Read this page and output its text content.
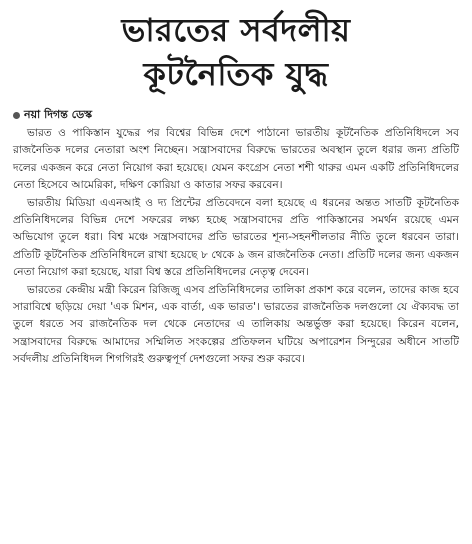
ভারতের সর্বদলীয়
কূটনৈতিক যুদ্ধ
নয়া দিগন্ত ডেস্ক

ভারত ও পাকিস্তান যুদ্ধের পর বিশ্বের বিভিন্ন দেশে পাঠানো ভারতীয় কূটনৈতিক প্রতিনিধিদলে সব রাজনৈতিক দলের নেতারা অংশ নিচ্ছেন। সন্ত্রাসবাদের বিরুদ্ধে ভারতের অবস্থান তুলে ধরার জন্য প্রতিটি দলের একজন করে নেতা নিয়োগ করা হয়েছে। যেমন কংগ্রেস নেতা শশী থারুর এমন একটি প্রতিনিধিদলের নেতা হিসেবে আমেরিকা, দক্ষিণ কোরিয়া ও কাতার সফর করবেন।

ভারতীয় মিডিয়া এএনআই ও দ্য প্রিন্টের প্রতিবেদনে বলা হয়েছে এ ধরনের অন্তত সাতটি কূটনৈতিক প্রতিনিধিদলের বিভিন্ন দেশে সফরের লক্ষ্য হচ্ছে সন্ত্রাসবাদের প্রতি পাকিস্তানের সমর্থন রয়েছে এমন অভিযোগ তুলে ধরা। বিশ্ব মঞ্চে সন্ত্রাসবাদের প্রতি ভারতের শূন্য-সহনশীলতার নীতি তুলে ধরবেন তারা। প্রতিটি কূটনৈতিক প্রতিনিধিদলে রাখা হয়েছে ৮ থেকে ৯ জন রাজনৈতিক নেতা। প্রতিটি দলের জন্য একজন নেতা নিয়োগ করা হয়েছে, যারা বিশ্ব স্তরে প্রতিনিধিদলের নেতৃত্ব দেবেন।

ভারতের কেন্দ্রীয় মন্ত্রী কিরেন রিজিজু এসব প্রতিনিধিদলের তালিকা প্রকাশ করে বলেন, তাদের কাজ হবে সারাবিশ্বে ছড়িয়ে দেয়া 'এক মিশন, এক বার্তা, এক ভারত'। ভারতের রাজনৈতিক দলগুলো যে ঐক্যবদ্ধ তা তুলে ধরতে সব রাজনৈতিক দল থেকে নেতাদের এ তালিকায় অন্তর্ভুক্ত করা হয়েছে। কিরেন বলেন, সন্ত্রাসবাদের বিরুদ্ধে আমাদের সম্মিলিত সংকল্পের প্রতিফলন ঘটিয়ে অপারেশন সিন্দুরের অধীনে সাতটি সর্বদলীয় প্রতিনিধিদল শিগগিরই গুরুত্বপূর্ণ দেশগুলো সফর শুরু করবে।
